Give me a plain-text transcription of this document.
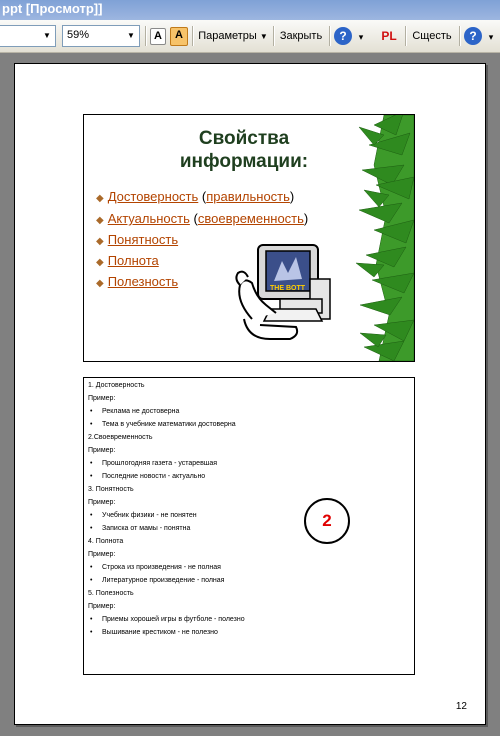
ppt [Просмотр]]
▼ 59%	▼	A	A	Параметры ▼	Закрыть	?	▾ PL	Сщесть	?	▾
Свойства информации:
◆ Достоверность (правильность)
◆ Актуальность (своевременность)
◆ Понятность
◆ Полнота
◆ Полезность	THE BOTT
1. Достоверность
Пример:
• Реклама не достоверна
• Тема в учебнике математики достоверна
2.Своевременность
Пример:
• Прошлогодняя газета - устаревшая
• Последние новости - актуально
3. Понятность
Пример:
• Учебник физики - не понятен
• Записка от мамы - понятна
4. Полнота
Пример:
• Строка из произведения - не полная
• Литературное произведение - полная
5. Полезность
Пример:
• Приемы хорошей игры в футболе - полезно
• Вышивание крестиком - не полезно
2
12
